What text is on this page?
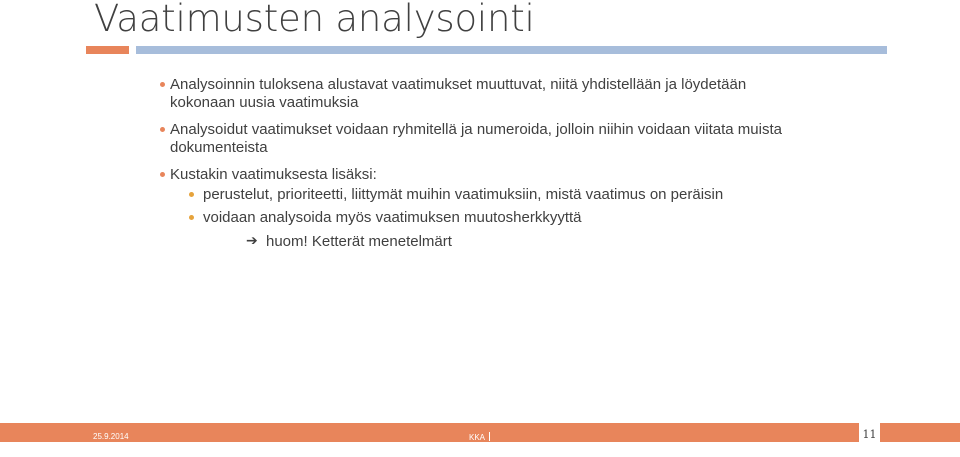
Vaatimusten analysointi
Analysoinnin tuloksena alustavat vaatimukset muuttuvat, niitä yhdistellään ja löydetään kokonaan uusia vaatimuksia
Analysoidut vaatimukset voidaan ryhmitellä ja numeroida, jolloin niihin voidaan viitata muista dokumenteista
Kustakin vaatimuksesta lisäksi:
perustelut, prioriteetti, liittymät muihin vaatimuksiin, mistä vaatimus on peräisin
voidaan analysoida myös vaatimuksen muutosherkkyyttä
➔ huom! Ketterät menetelmärt
25.9.2014	KKA	11
